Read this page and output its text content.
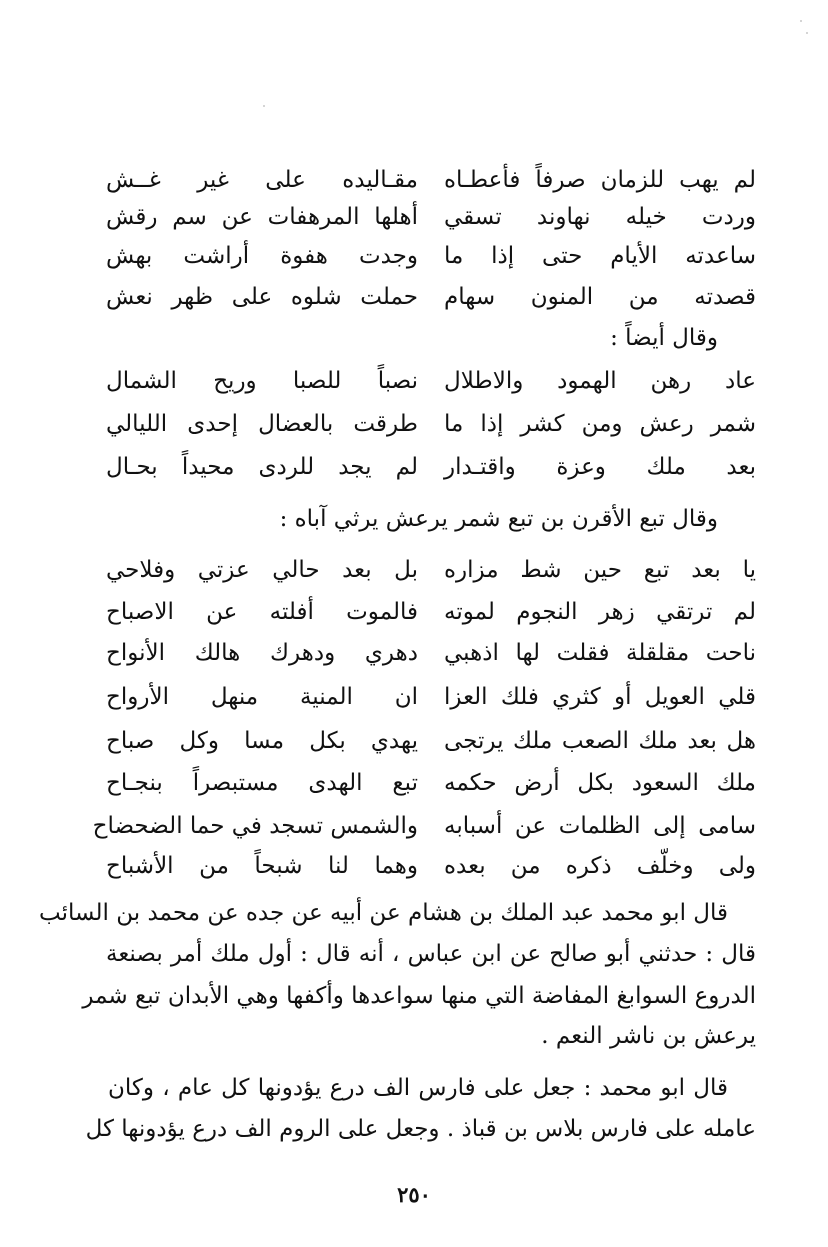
لم يهب للزمان صرفاً فأعطـاه
مقـاليده على غير غــش
وردت خيله نهاوند تسقي
أهلها المرهفات عن سم رقش
ساعدته الأيام حتى إذا ما
وجدت هفوة أراشت بهش
قصدته من المنون سهام
حملت شلوه على ظهر نعش
وقال أيضاً :
عاد رهن الهمود والاطلال
نصباً للصبا وريح الشمال
شمر رعش ومن كشر إذا ما
طرقت بالعضال إحدى الليالي
بعد ملك وعزة واقتـدار
لم يجد للردى محيداً بحـال
وقال تبع الأقرن بن تبع شمر يرعش يرثي آباه :
يا بعد تبع حين شط مزاره
بل بعد حالي عزتي وفلاحي
لم ترتقي زهر النجوم لموته
فالموت أفلته عن الاصباح
ناحت مقلقلة فقلت لها اذهبي
دهري ودهرك هالك الأنواح
قلي العويل أو كثري فلك العزا
ان المنية منهل الأرواح
هل بعد ملك الصعب ملك يرتجى
يهدي بكل مسا وكل صباح
ملك السعود بكل أرض حكمه
تبع الهدى مستبصراً بنجـاح
سامى إلى الظلمات عن أسبابه
والشمس تسجد في حما الضحضاح
ولى وخلّف ذكره من بعده
وهما لنا شبحاً من الأشباح
قال ابو محمد عبد الملك بن هشام عن أبيه عن جده عن محمد بن السائب
قال : حدثني أبو صالح عن ابن عباس ، أنه قال : أول ملك أمر بصنعة
الدروع السوابغ المفاضة التي منها سواعدها وأكفها وهي الأبدان تبع شمر
يرعش بن ناشر النعم .
قال ابو محمد : جعل على فارس الف درع يؤدونها كل عام ، وكان
عامله على فارس بلاس بن قباذ . وجعل على الروم الف درع يؤدونها كل
٢٥٠
